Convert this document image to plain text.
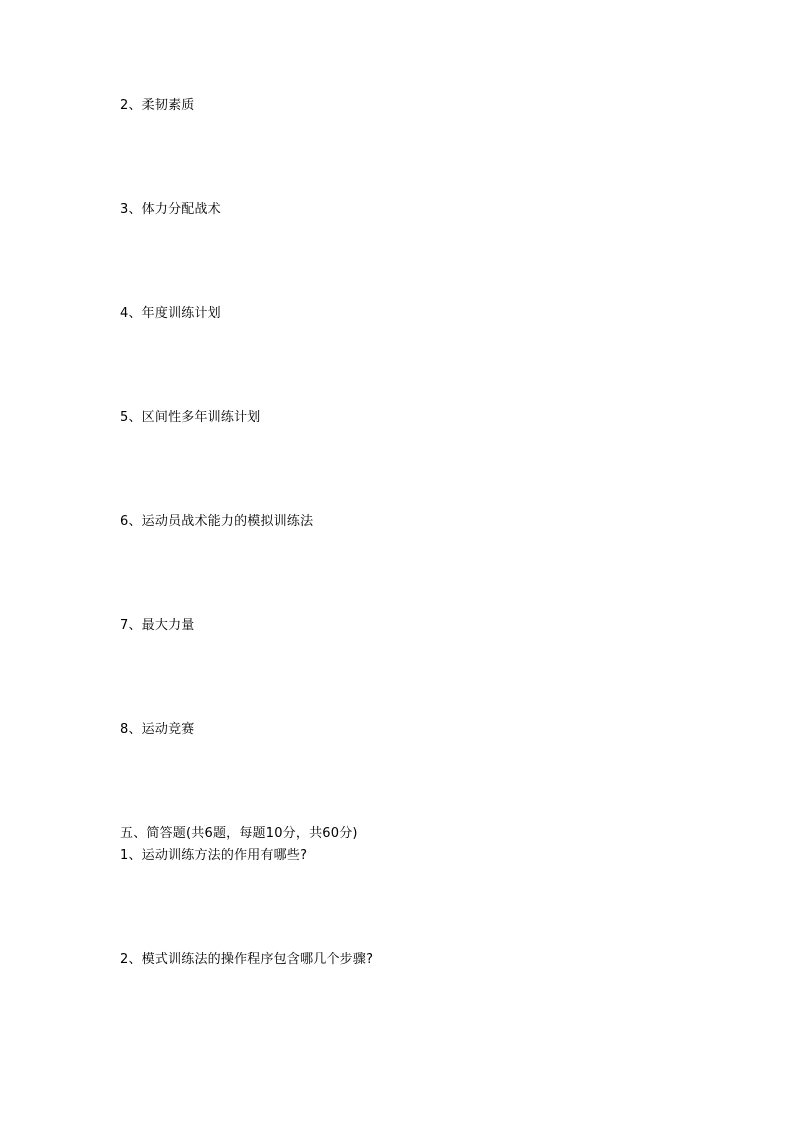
2、柔韧素质
3、体力分配战术
4、年度训练计划
5、区间性多年训练计划
6、运动员战术能力的模拟训练法
7、最大力量
8、运动竞赛
五、简答题(共6题，每题10分，共60分)
1、运动训练方法的作用有哪些?
2、模式训练法的操作程序包含哪几个步骤?
